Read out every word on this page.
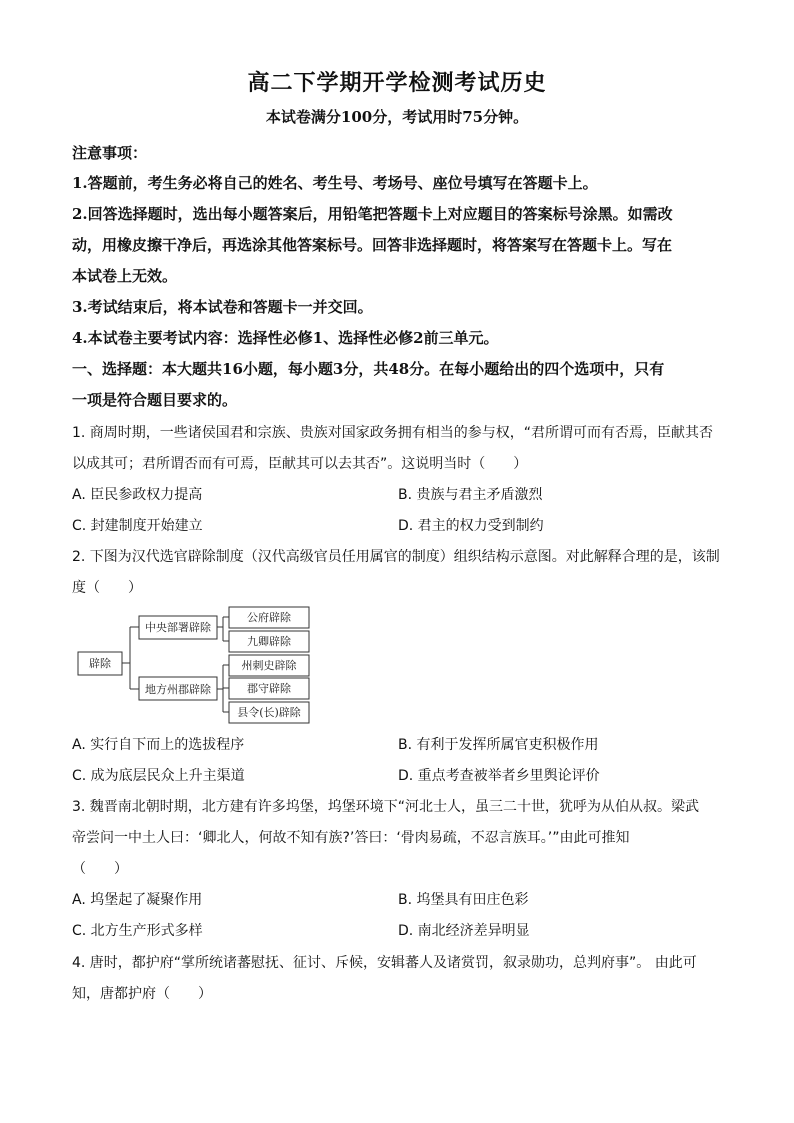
高二下学期开学检测考试历史
本试卷满分100分，考试用时75分钟。
注意事项：
1.答题前，考生务必将自己的姓名、考生号、考场号、座位号填写在答题卡上。
2.回答选择题时，选出每小题答案后，用铅笔把答题卡上对应题目的答案标号涂黑。如需改
动，用橡皮擦干净后，再选涂其他答案标号。回答非选择题时，将答案写在答题卡上。写在
本试卷上无效。
3.考试结束后，将本试卷和答题卡一并交回。
4.本试卷主要考试内容：选择性必修1、选择性必修2前三单元。
一、选择题：本大题共16小题，每小题3分，共48分。在每小题给出的四个选项中，只有
一项是符合题目要求的。
1. 商周时期，一些诸侯国君和宗族、贵族对国家政务拥有相当的参与权，“君所谓可而有否焉，臣献其否
以成其可；君所谓否而有可焉，臣献其可以去其否”。这说明当时（　　）
A. 臣民参政权力提高	B. 贵族与君主矛盾激烈
C. 封建制度开始建立	D. 君主的权力受到制约
2. 下图为汉代选官辟除制度（汉代高级官员任用属官的制度）组织结构示意图。对此解释合理的是，该制
度（　　）
辟除
中央部署辟除
地方州郡辟除
公府辟除
九卿辟除
州刺史辟除
郡守辟除
县令(长)辟除
A. 实行自下而上的选拔程序	B. 有利于发挥所属官吏积极作用
C. 成为底层民众上升主渠道	D. 重点考查被举者乡里舆论评价
3. 魏晋南北朝时期，北方建有许多坞堡，坞堡环境下“河北士人，虽三二十世，犹呼为从伯从叔。梁武
帝尝问一中土人曰：‘卿北人，何故不知有族?’答曰：‘骨肉易疏，不忍言族耳。’”由此可推知
（　　）
A. 坞堡起了凝聚作用	B. 坞堡具有田庄色彩
C. 北方生产形式多样	D. 南北经济差异明显
4. 唐时，都护府“掌所统诸蕃慰抚、征讨、斥候，安辑蕃人及诸赏罚，叙录勋功，总判府事”。 由此可
知，唐都护府（　　）
